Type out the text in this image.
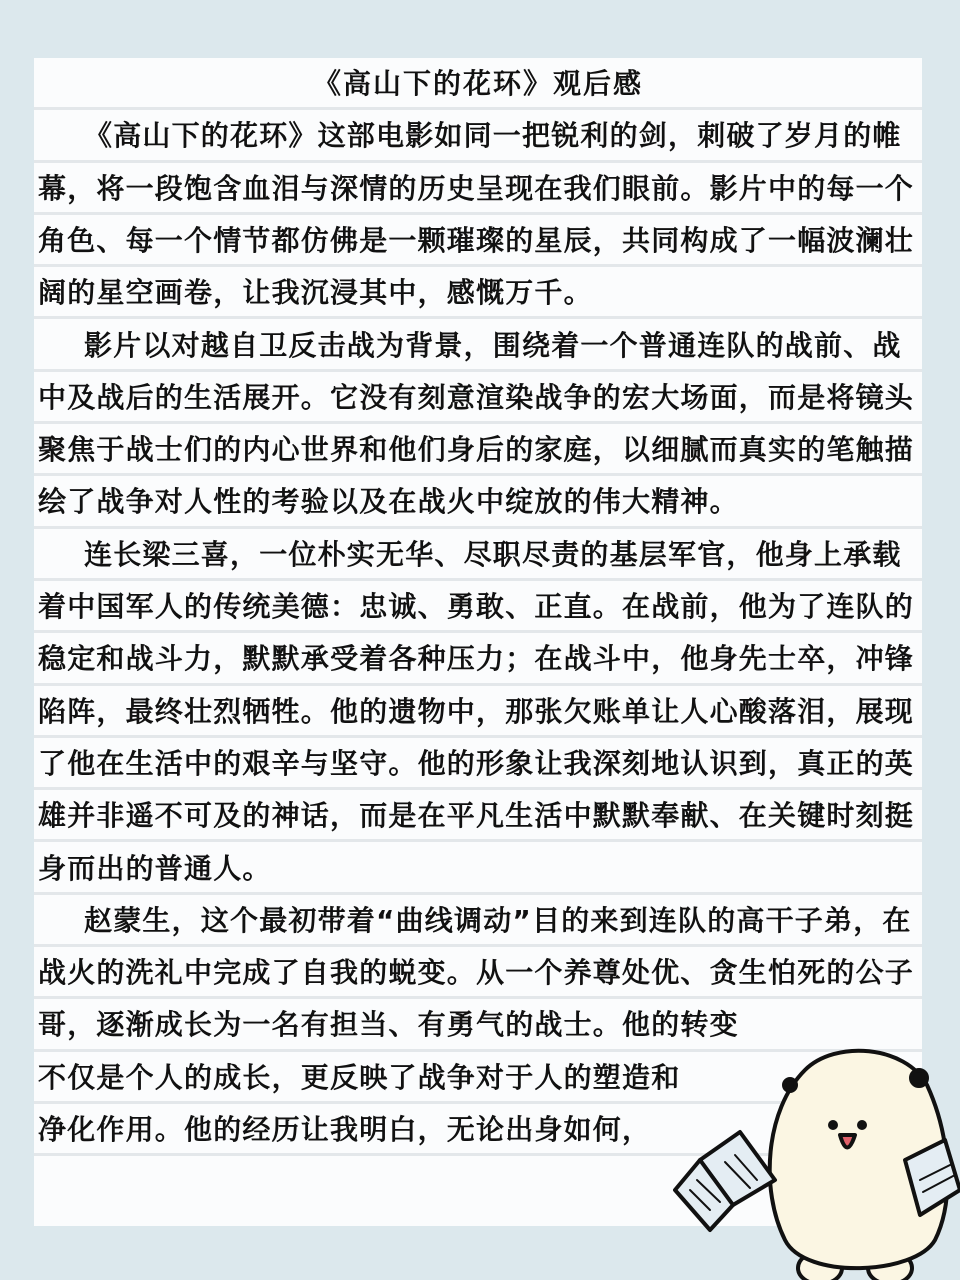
《高山下的花环》观后感
《高山下的花环》这部电影如同一把锐利的剑，刺破了岁月的帷
幕，将一段饱含血泪与深情的历史呈现在我们眼前。影片中的每一个
角色、每一个情节都仿佛是一颗璀璨的星辰，共同构成了一幅波澜壮
阔的星空画卷，让我沉浸其中，感慨万千。
影片以对越自卫反击战为背景，围绕着一个普通连队的战前、战
中及战后的生活展开。它没有刻意渲染战争的宏大场面，而是将镜头
聚焦于战士们的内心世界和他们身后的家庭，以细腻而真实的笔触描
绘了战争对人性的考验以及在战火中绽放的伟大精神。
连长梁三喜，一位朴实无华、尽职尽责的基层军官，他身上承载
着中国军人的传统美德：忠诚、勇敢、正直。在战前，他为了连队的
稳定和战斗力，默默承受着各种压力；在战斗中，他身先士卒，冲锋
陷阵，最终壮烈牺牲。他的遗物中，那张欠账单让人心酸落泪，展现
了他在生活中的艰辛与坚守。他的形象让我深刻地认识到，真正的英
雄并非遥不可及的神话，而是在平凡生活中默默奉献、在关键时刻挺
身而出的普通人。
赵蒙生，这个最初带着“曲线调动”目的来到连队的高干子弟，在
战火的洗礼中完成了自我的蜕变。从一个养尊处优、贪生怕死的公子
哥，逐渐成长为一名有担当、有勇气的战士。他的转变
不仅是个人的成长，更反映了战争对于人的塑造和
净化作用。他的经历让我明白，无论出身如何，
